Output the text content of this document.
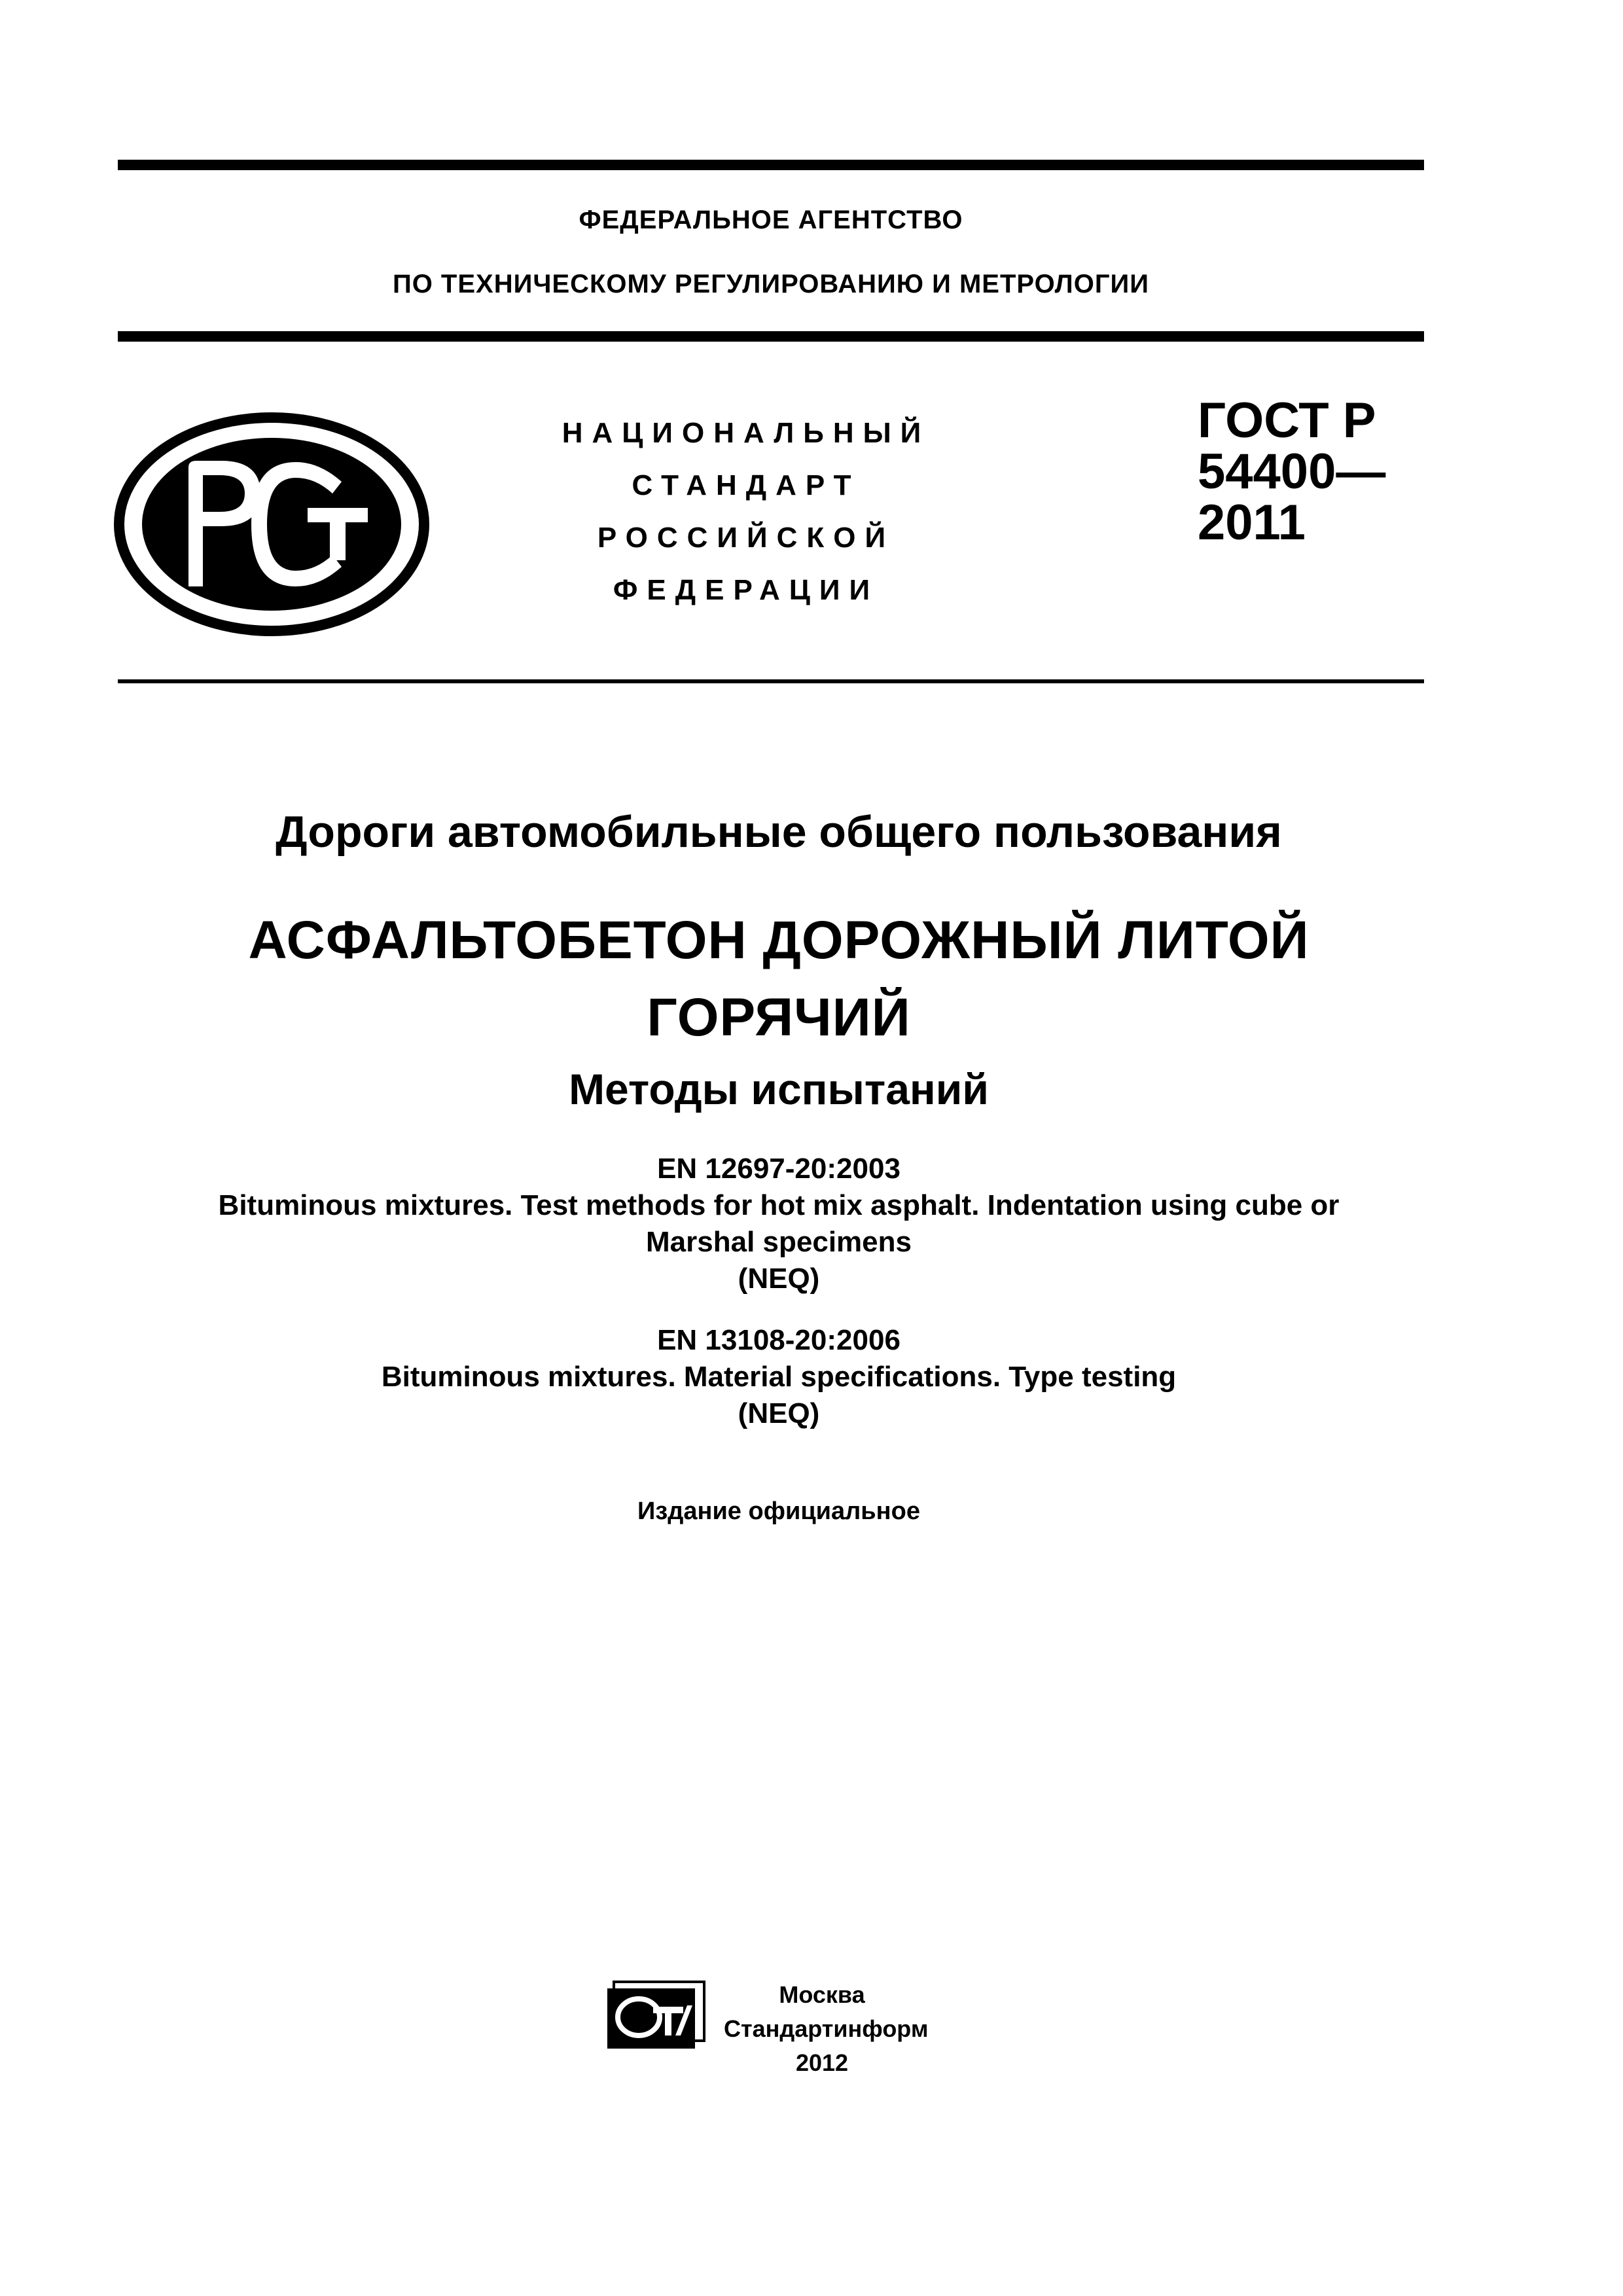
ФЕДЕРАЛЬНОЕ АГЕНТСТВО
ПО ТЕХНИЧЕСКОМУ РЕГУЛИРОВАНИЮ И МЕТРОЛОГИИ
НАЦИОНАЛЬНЫЙ
СТАНДАРТ
РОССИЙСКОЙ
ФЕДЕРАЦИИ
ГОСТ Р
54400—
2011
Дороги автомобильные общего пользования
АСФАЛЬТОБЕТОН ДОРОЖНЫЙ ЛИТОЙ
ГОРЯЧИЙ
Методы испытаний
EN 12697-20:2003
Bituminous mixtures. Test methods for hot mix asphalt. Indentation using cube or
Marshal specimens
(NEQ)
EN 13108-20:2006
Bituminous mixtures. Material specifications. Type testing
(NEQ)
Издание официальное
Москва
Стандартинформ
2012
